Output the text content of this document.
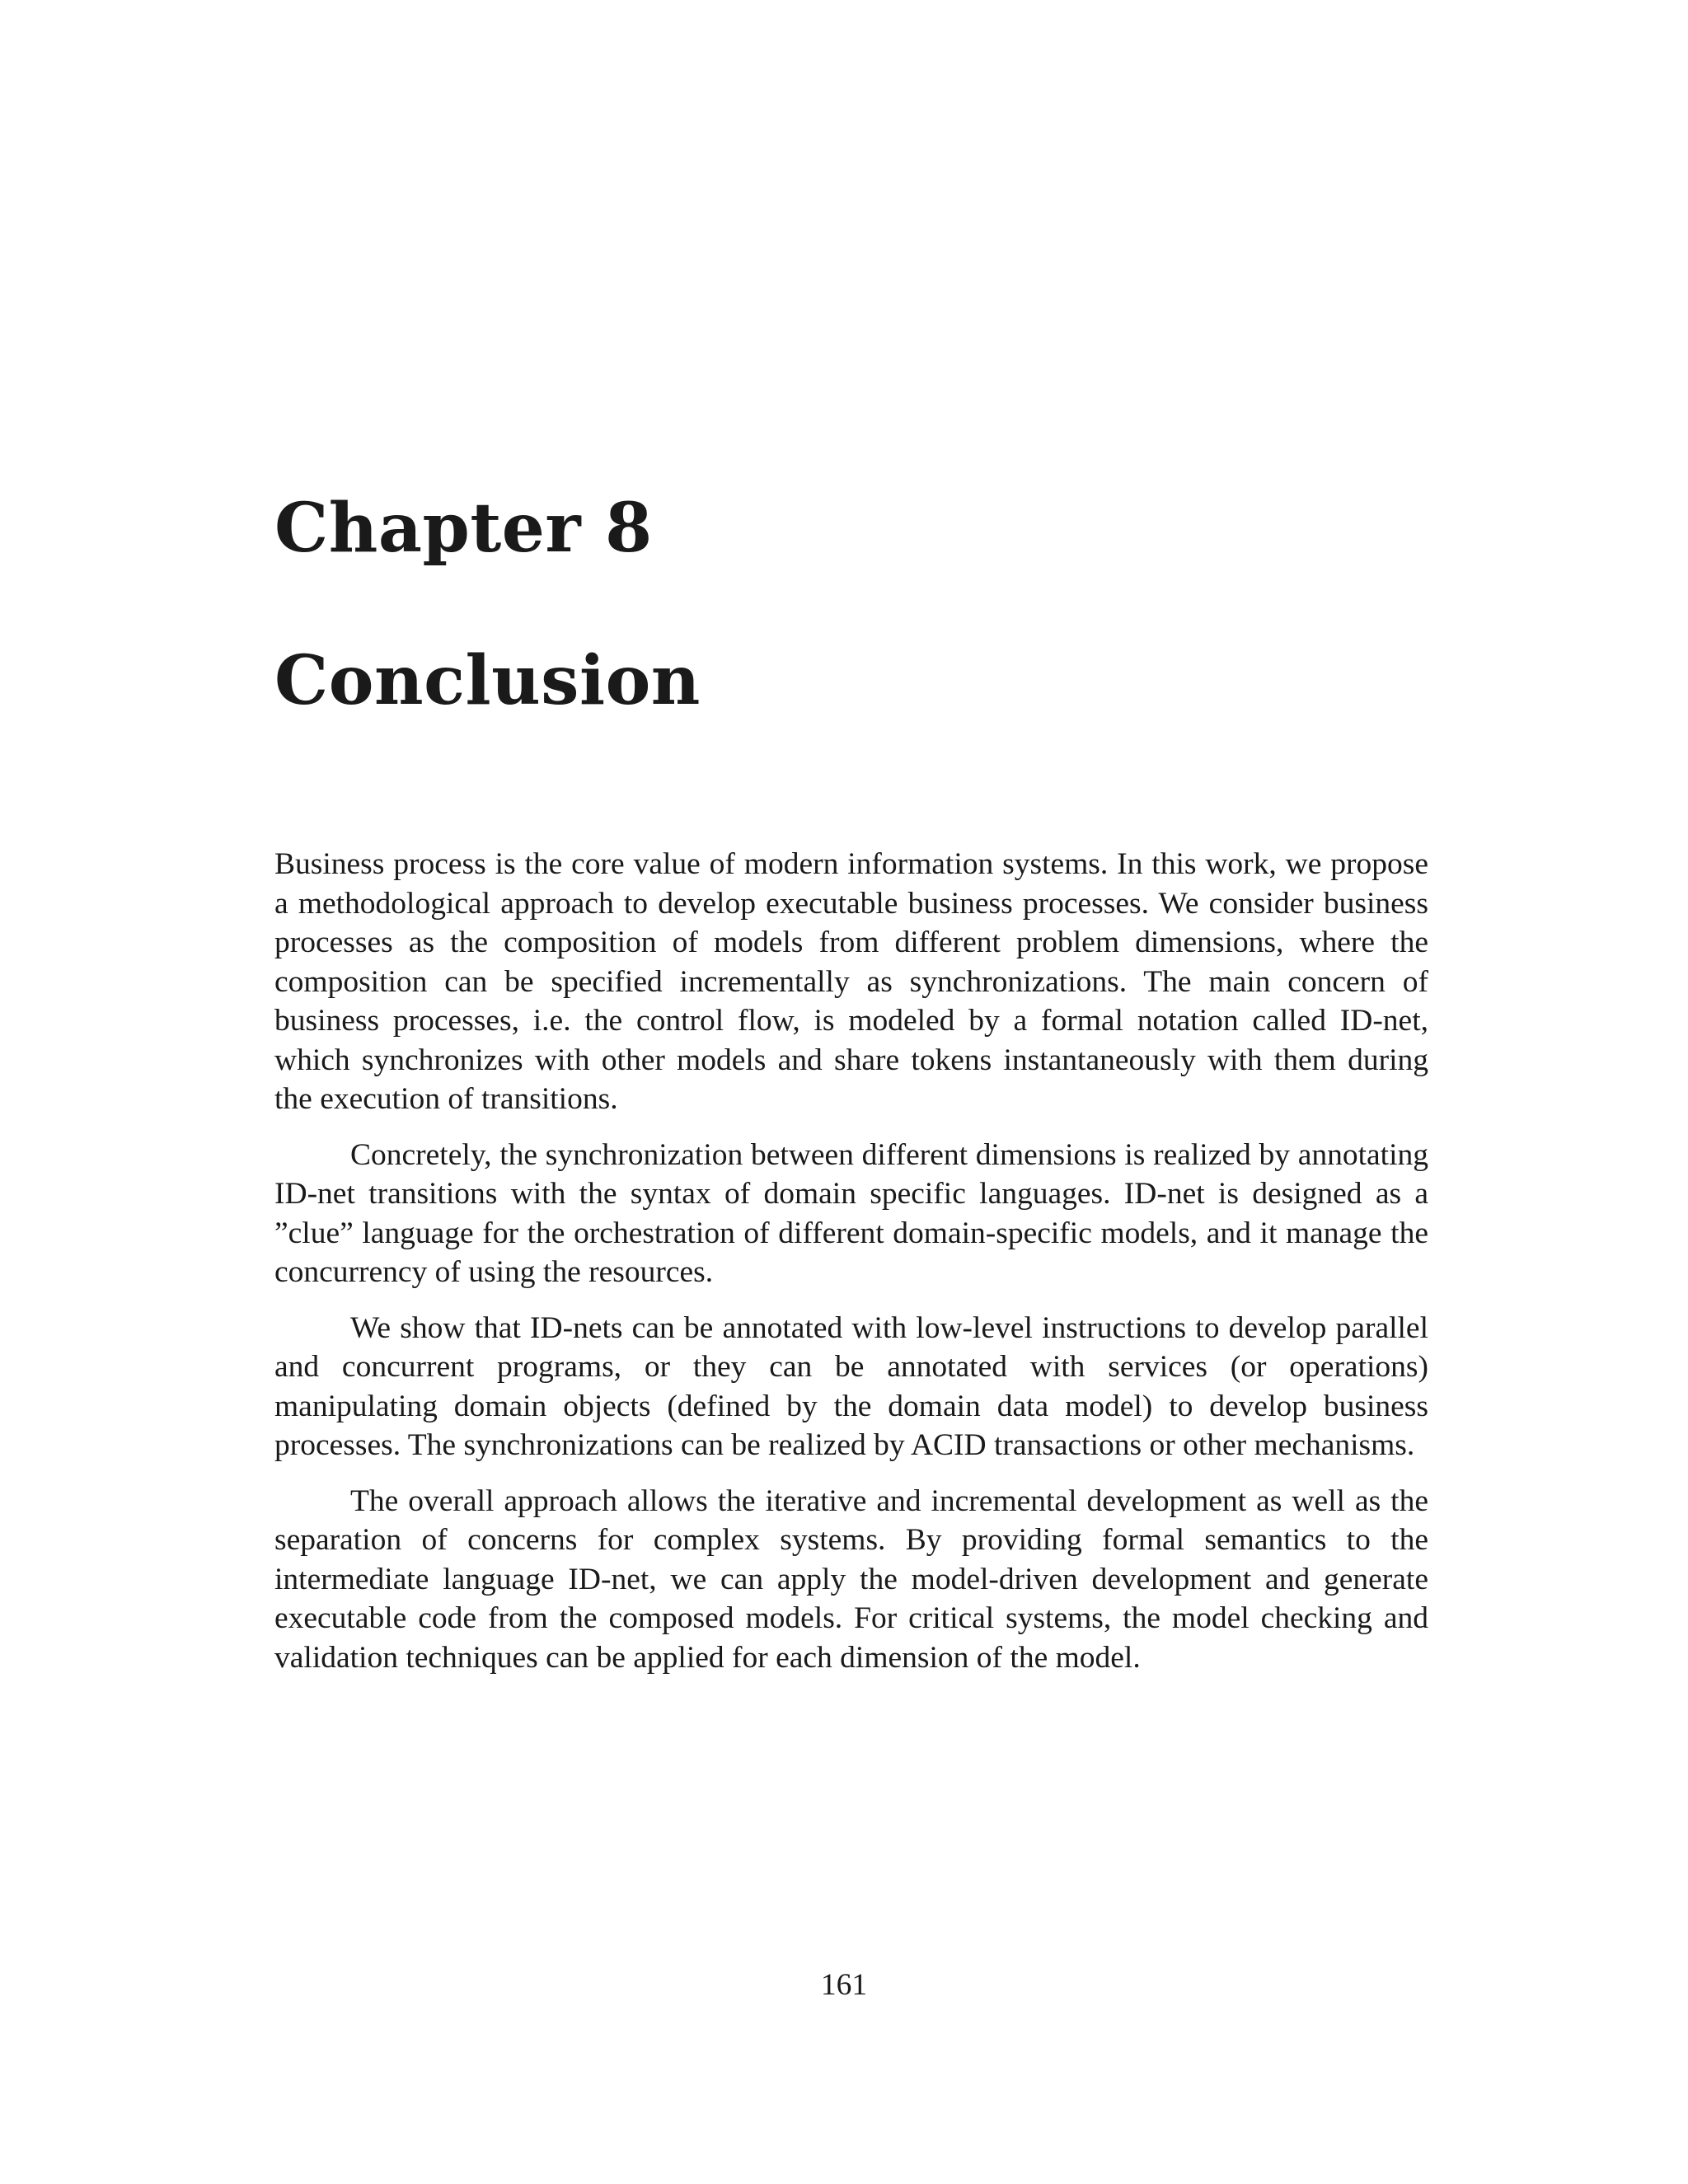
Chapter 8
Conclusion

Business process is the core value of modern information systems. In this work, we propose a methodological approach to develop executable business processes. We consider business processes as the composition of models from different problem dimensions, where the composition can be specified incrementally as synchronizations. The main concern of business processes, i.e. the control flow, is modeled by a formal notation called ID-net, which synchronizes with other models and share tokens instantaneously with them during the execution of transitions.

Concretely, the synchronization between different dimensions is realized by annotating ID-net transitions with the syntax of domain specific languages. ID-net is designed as a ”clue” language for the orchestration of different domain-specific models, and it manage the concurrency of using the resources.

We show that ID-nets can be annotated with low-level instructions to develop parallel and concurrent programs, or they can be annotated with services (or operations) manipulating domain objects (defined by the domain data model) to develop business processes. The synchronizations can be realized by ACID transactions or other mechanisms.

The overall approach allows the iterative and incremental development as well as the separation of concerns for complex systems. By providing formal semantics to the intermediate language ID-net, we can apply the model-driven development and generate executable code from the composed models. For critical systems, the model checking and validation techniques can be applied for each dimension of the model.

161
